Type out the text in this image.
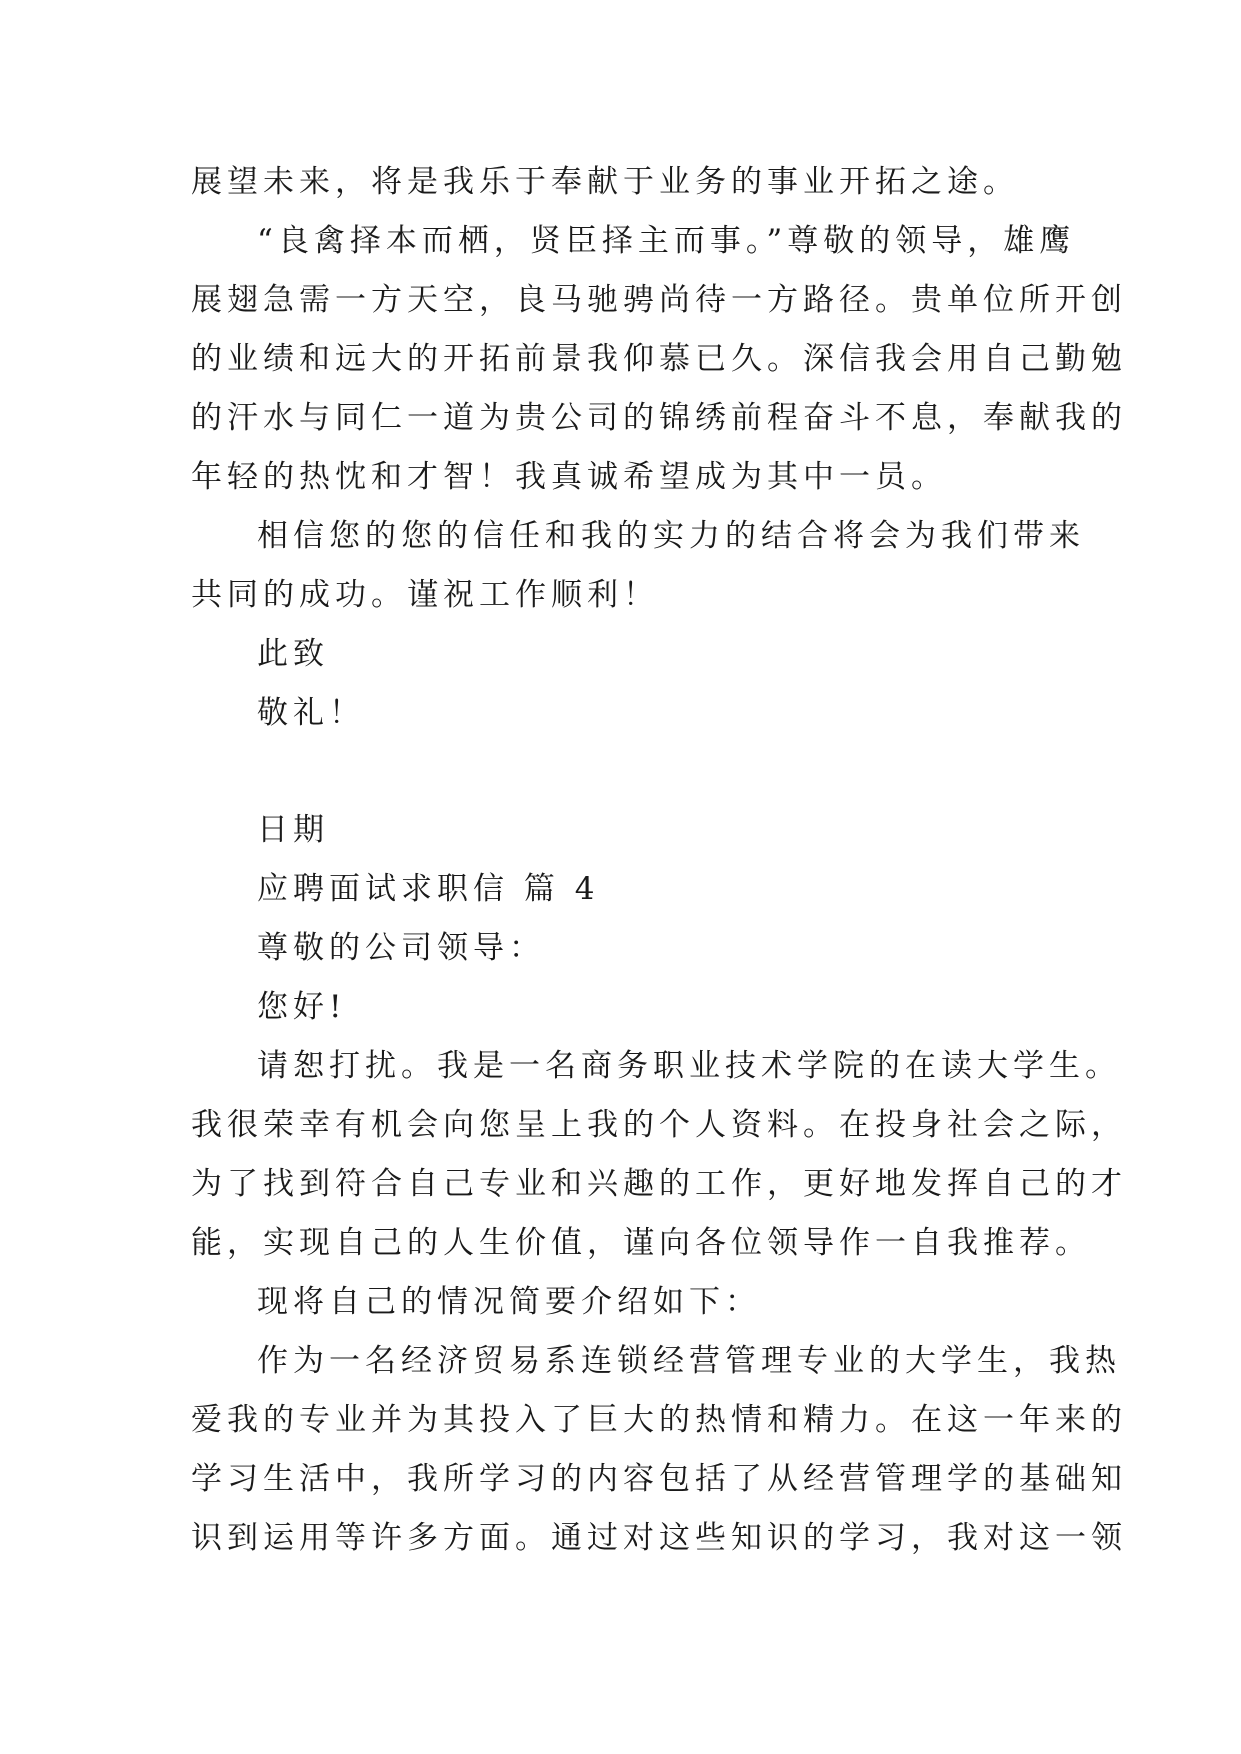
展望未来，将是我乐于奉献于业务的事业开拓之途。
“良禽择本而栖，贤臣择主而事。”尊敬的领导，雄鹰
展翅急需一方天空，良马驰骋尚待一方路径。贵单位所开创
的业绩和远大的开拓前景我仰慕已久。深信我会用自己勤勉
的汗水与同仁一道为贵公司的锦绣前程奋斗不息，奉献我的
年轻的热忱和才智！我真诚希望成为其中一员。
相信您的您的信任和我的实力的结合将会为我们带来
共同的成功。谨祝工作顺利！
此致
敬礼！
日期
应聘面试求职信 篇 4
尊敬的公司领导：
您好!
请恕打扰。我是一名商务职业技术学院的在读大学生。
我很荣幸有机会向您呈上我的个人资料。在投身社会之际，
为了找到符合自己专业和兴趣的工作，更好地发挥自己的才
能，实现自己的人生价值，谨向各位领导作一自我推荐。
现将自己的情况简要介绍如下：
作为一名经济贸易系连锁经营管理专业的大学生，我热
爱我的专业并为其投入了巨大的热情和精力。在这一年来的
学习生活中，我所学习的内容包括了从经营管理学的基础知
识到运用等许多方面。通过对这些知识的学习，我对这一领
